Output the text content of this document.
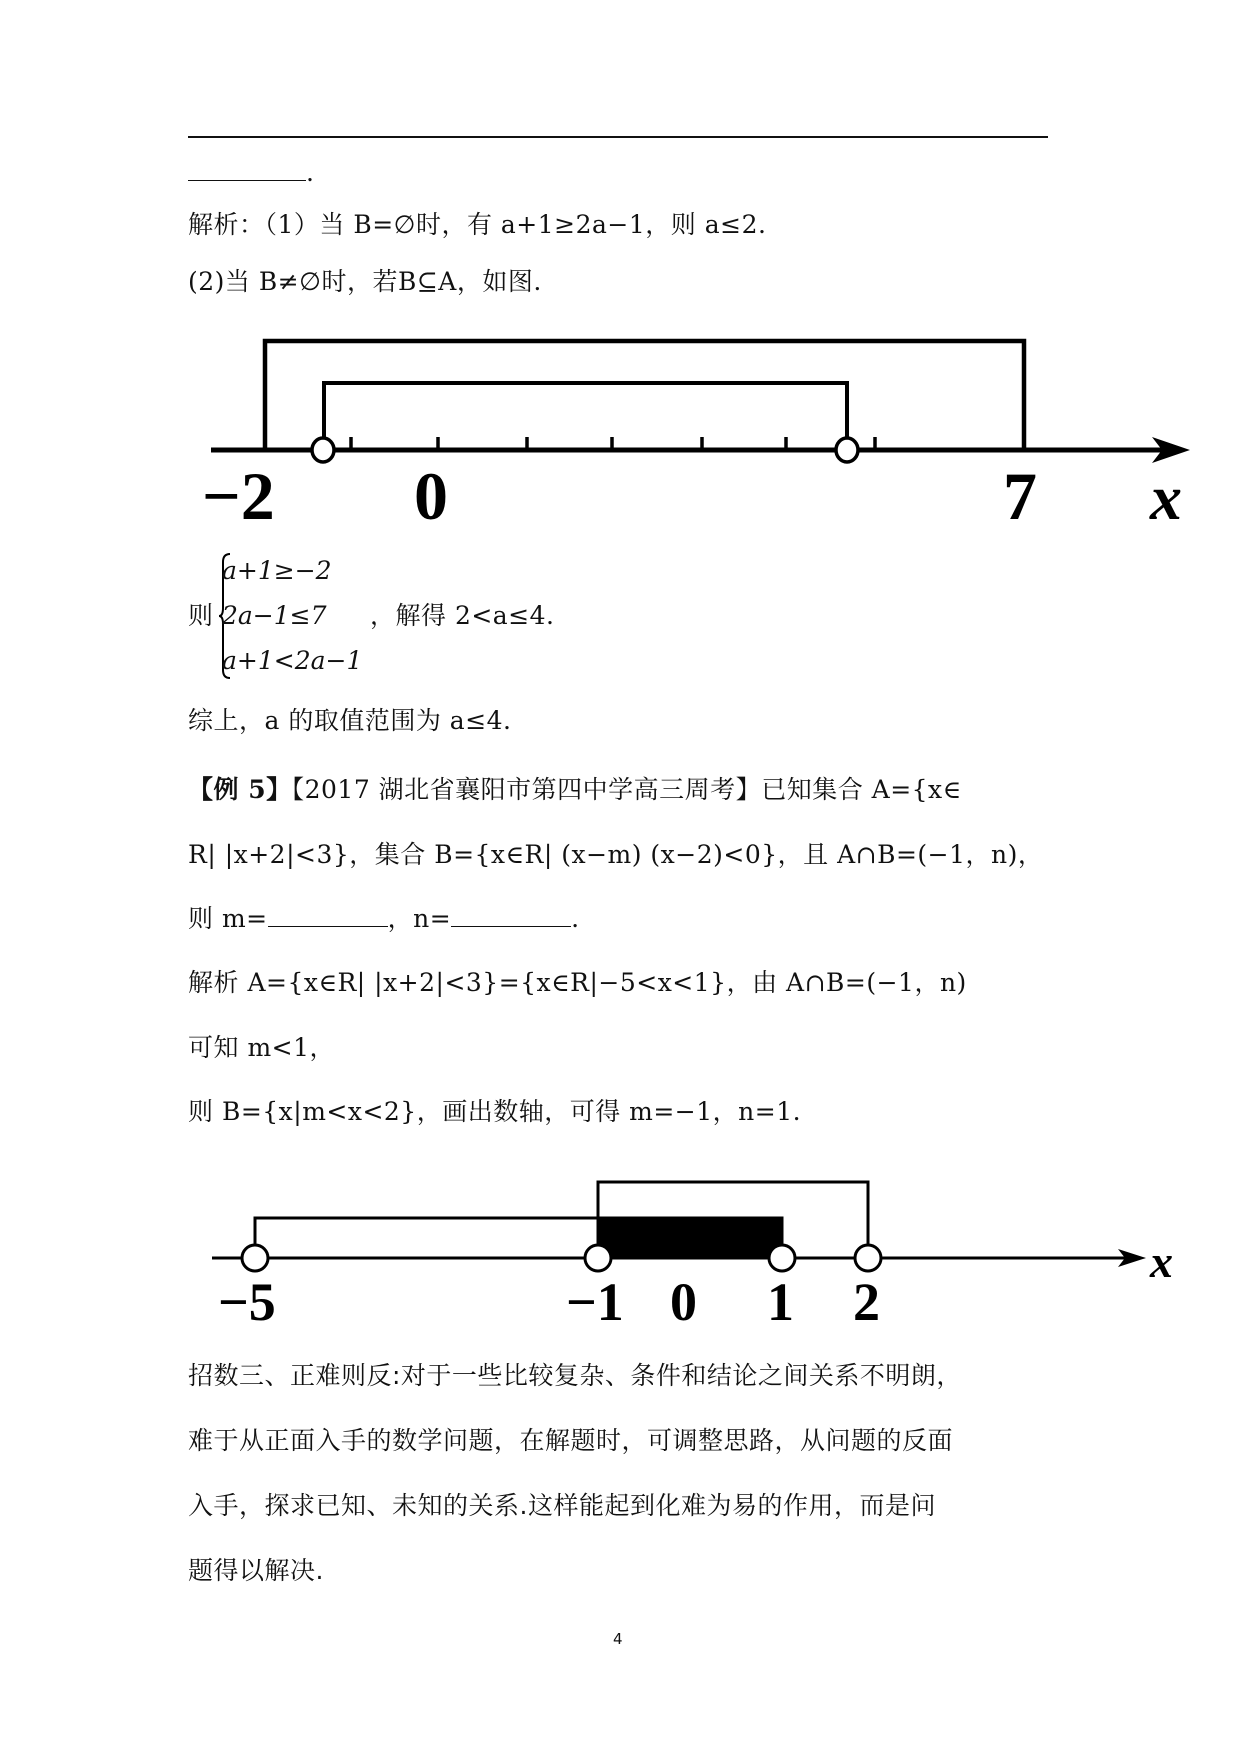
.
解析：（1）当 B=∅时，有 a+1≥2a−1，则 a≤2.
(2)当 B≠∅时，若B⊆A，如图.
−2 0	7 x
则
a+1≥−2
2a−1≤7
a+1<2a−1
，解得 2<a≤4.
综上，a 的取值范围为 a≤4.
【例 5】【2017 湖北省襄阳市第四中学高三周考】已知集合 A={x∈
R| |x+2|<3}，集合 B={x∈R| (x−m) (x−2)<0}，且 A∩B=(−1，n)，
则 m=	，n=	.
解析 A={x∈R| |x+2|<3}={x∈R|−5<x<1}，由 A∩B=(−1，n)
可知 m<1，
则 B={x|m<x<2}，画出数轴，可得 m=−1，n=1.
−5	−1 0 1 2
x
招数三、正难则反:对于一些比较复杂、条件和结论之间关系不明朗，
难于从正面入手的数学问题，在解题时，可调整思路，从问题的反面
入手，探求已知、未知的关系.这样能起到化难为易的作用，而是问
题得以解决.
4
